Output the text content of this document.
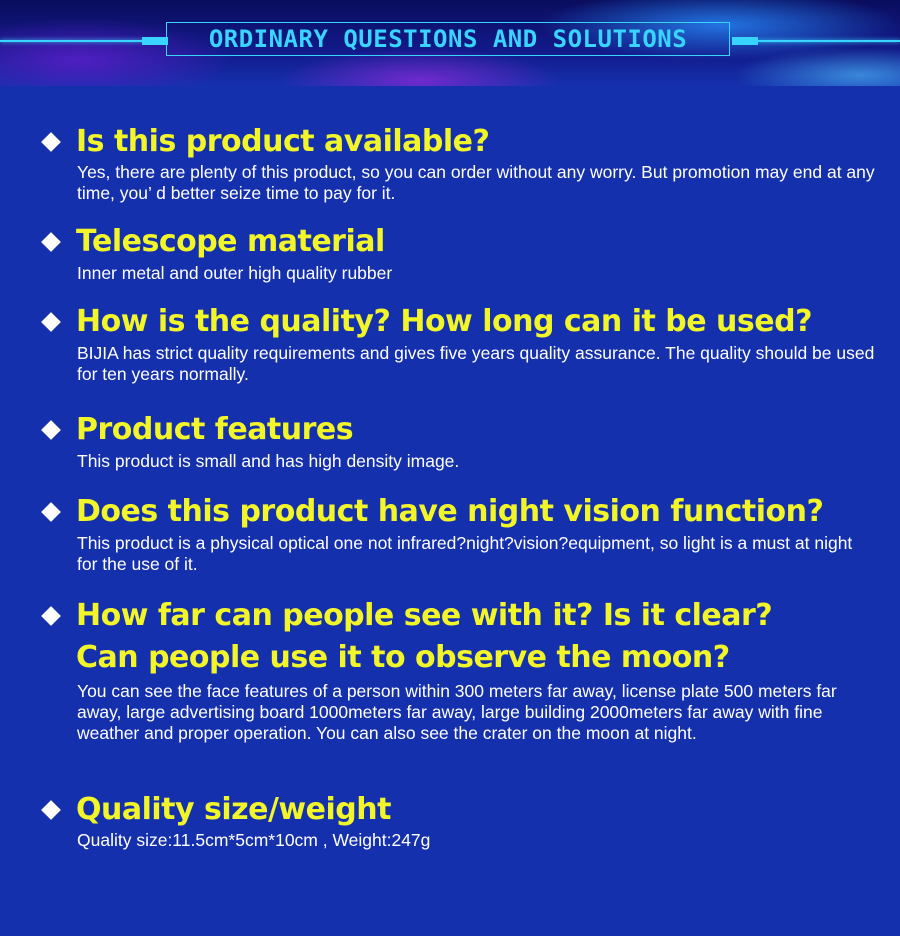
ORDINARY QUESTIONS AND SOLUTIONS
Is this product available?
Yes, there are plenty of this product, so you can order without any worry. But promotion may end at any time, you’ d better seize time to pay for it.
Telescope material
Inner metal and outer high quality rubber
How is the quality? How long can it be used?
BIJIA has strict quality requirements and gives five years quality assurance. The quality should be used for ten years normally.
Product features
This product is small and has high density image.
Does this product have night vision function?
This product is a physical optical one not infrared?night?vision?equipment, so light is a must at night for the use of it.
How far can people see with it? Is it clear?
Can people use it to observe the moon?
You can see the face features of a person within 300 meters far away, license plate 500 meters far away, large advertising board 1000meters far away, large building 2000meters far away with fine weather and proper operation. You can also see the crater on the moon at night.
Quality size/weight
Quality size:11.5cm*5cm*10cm , Weight:247g
